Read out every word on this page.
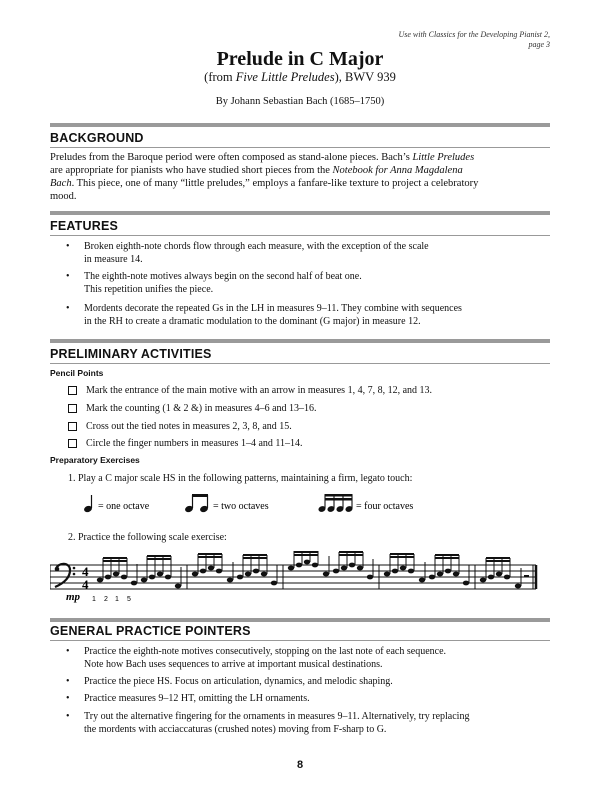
Use with Classics for the Developing Pianist 2,
page 3
Prelude in C Major
(from Five Little Preludes), BWV 939
By Johann Sebastian Bach (1685–1750)
BACKGROUND
Preludes from the Baroque period were often composed as stand-alone pieces. Bach’s Little Preludes
are appropriate for pianists who have studied short pieces from the Notebook for Anna Magdalena
Bach. This piece, one of many “little preludes,” employs a fanfare-like texture to project a celebratory
mood.
FEATURES
• Broken eighth-note chords flow through each measure, with the exception of the scale
in measure 14.
• The eighth-note motives always begin on the second half of beat one.
This repetition unifies the piece.
• Mordents decorate the repeated Gs in the LH in measures 9–11. They combine with sequences
in the RH to create a dramatic modulation to the dominant (G major) in measure 12.
PRELIMINARY ACTIVITIES
Pencil Points
Mark the entrance of the main motive with an arrow in measures 1, 4, 7, 8, 12, and 13.
Mark the counting (1 & 2 &) in measures 4–6 and 13–16.
Cross out the tied notes in measures 2, 3, 8, and 15.
Circle the finger numbers in measures 1–4 and 11–14.
Preparatory Exercises
1. Play a C major scale HS in the following patterns, maintaining a firm, legato touch:
= one octave	= two octaves	= four octaves
2. Practice the following scale exercise:
4
4
mp 1 2 1 5
GENERAL PRACTICE POINTERS
• Practice the eighth-note motives consecutively, stopping on the last note of each sequence.
Note how Bach uses sequences to arrive at important musical destinations.
• Practice the piece HS. Focus on articulation, dynamics, and melodic shaping.
• Practice measures 9–12 HT, omitting the LH ornaments.
• Try out the alternative fingering for the ornaments in measures 9–11. Alternatively, try replacing
the mordents with acciaccaturas (crushed notes) moving from F-sharp to G.
8
